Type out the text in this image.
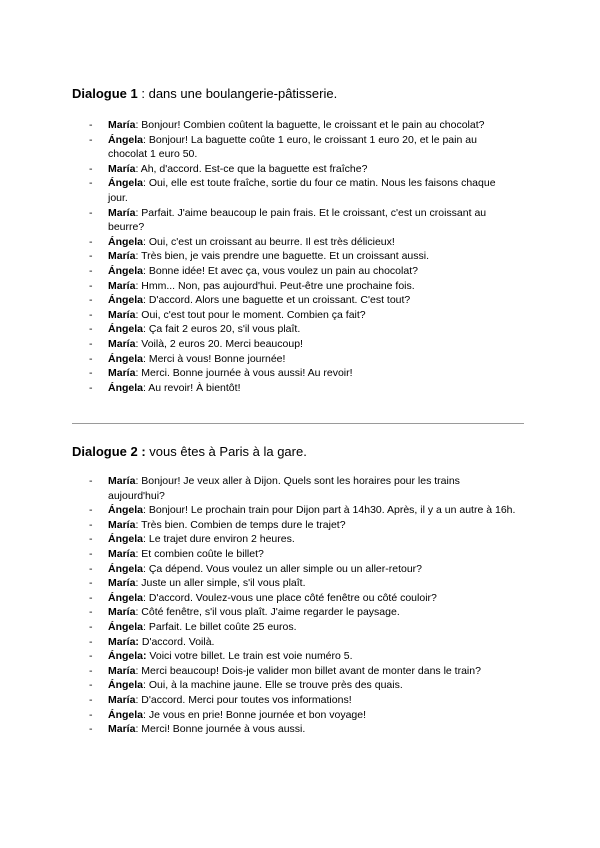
Dialogue 1 : dans une boulangerie-pâtisserie.
- María: Bonjour! Combien coûtent la baguette, le croissant et le pain au chocolat?
- Ángela: Bonjour! La baguette coûte 1 euro, le croissant 1 euro 20, et le pain au chocolat 1 euro 50.
- María: Ah, d'accord. Est-ce que la baguette est fraîche?
- Ángela: Oui, elle est toute fraîche, sortie du four ce matin. Nous les faisons chaque jour.
- María: Parfait. J'aime beaucoup le pain frais. Et le croissant, c'est un croissant au beurre?
- Ángela: Oui, c'est un croissant au beurre. Il est très délicieux!
- María: Très bien, je vais prendre une baguette. Et un croissant aussi.
- Ángela: Bonne idée! Et avec ça, vous voulez un pain au chocolat?
- María: Hmm... Non, pas aujourd'hui. Peut-être une prochaine fois.
- Ángela: D'accord. Alors une baguette et un croissant. C'est tout?
- María: Oui, c'est tout pour le moment. Combien ça fait?
- Ángela: Ça fait 2 euros 20, s'il vous plaît.
- María: Voilà, 2 euros 20. Merci beaucoup!
- Ángela: Merci à vous! Bonne journée!
- María: Merci. Bonne journée à vous aussi! Au revoir!
- Ángela: Au revoir! À bientôt!
Dialogue 2 : vous êtes à Paris à la gare.
- María: Bonjour! Je veux aller à Dijon. Quels sont les horaires pour les trains aujourd'hui?
- Ángela: Bonjour! Le prochain train pour Dijon part à 14h30. Après, il y a un autre à 16h.
- María: Très bien. Combien de temps dure le trajet?
- Ángela: Le trajet dure environ 2 heures.
- María: Et combien coûte le billet?
- Ángela: Ça dépend. Vous voulez un aller simple ou un aller-retour?
- María: Juste un aller simple, s'il vous plaît.
- Ángela: D'accord. Voulez-vous une place côté fenêtre ou côté couloir?
- María: Côté fenêtre, s'il vous plaît. J'aime regarder le paysage.
- Ángela: Parfait. Le billet coûte 25 euros.
- María: D'accord. Voilà.
- Ángela: Voici votre billet. Le train est voie numéro 5.
- María: Merci beaucoup! Dois-je valider mon billet avant de monter dans le train?
- Ángela: Oui, à la machine jaune. Elle se trouve près des quais.
- María: D'accord. Merci pour toutes vos informations!
- Ángela: Je vous en prie! Bonne journée et bon voyage!
- María: Merci! Bonne journée à vous aussi.
